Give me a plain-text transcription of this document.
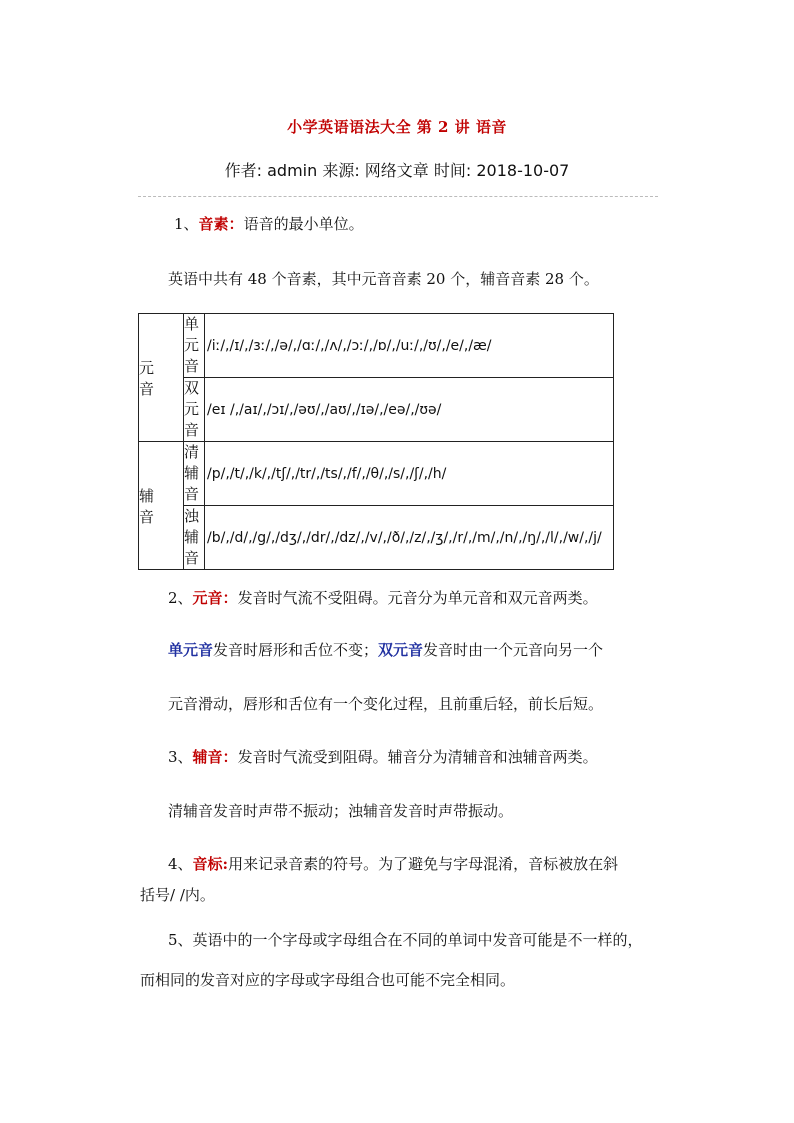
小学英语语法大全 第 2 讲 语音
作者: admin 来源: 网络文章 时间: 2018-10-07
1、音素：语音的最小单位。
英语中共有 48 个音素，其中元音音素 20 个，辅音音素 28 个。
元 音	单元音	/iː/,/ɪ/,/ɜː/,/ə/,/ɑː/,/ʌ/,/ɔː/,/ɒ/,/uː/,/ʊ/,/e/,/æ/
	双元音	/eɪ /,/aɪ/,/ɔɪ/,/əʊ/,/aʊ/,/ɪə/,/eə/,/ʊə/

辅 音	清辅音	/p/,/t/,/k/,/tʃ/,/tr/,/ts/,/f/,/θ/,/s/,/ʃ/,/h/
	浊辅音	/b/,/d/,/g/,/dʒ/,/dr/,/dz/,/v/,/ð/,/z/,/ʒ/,/r/,/m/,/n/,/ŋ/,/l/,/w/,/j/
2、元音：发音时气流不受阻碍。元音分为单元音和双元音两类。
单元音发音时唇形和舌位不变；双元音发音时由一个元音向另一个
元音滑动，唇形和舌位有一个变化过程，且前重后轻，前长后短。
3、辅音：发音时气流受到阻碍。辅音分为清辅音和浊辅音两类。
清辅音发音时声带不振动；浊辅音发音时声带振动。
4、音标:用来记录音素的符号。为了避免与字母混淆，音标被放在斜
括号/ /内。
5、英语中的一个字母或字母组合在不同的单词中发音可能是不一样的，
而相同的发音对应的字母或字母组合也可能不完全相同。
